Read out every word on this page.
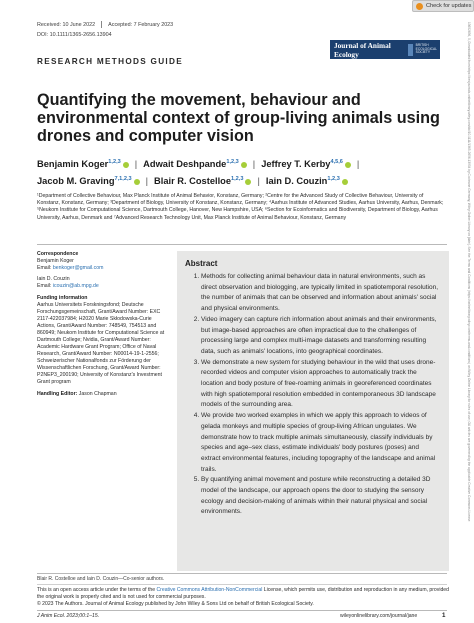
Check for updates
Received: 10 June 2022 Accepted: 7 February 2023
DOI: 10.1111/1365-2656.13904
Journal of Animal Ecology
BRITISH ECOLOGICAL SOCIETY
RESEARCH METHODS GUIDE
Quantifying the movement, behaviour and environmental context of group-living animals using drones and computer vision
Benjamin Koger$^{1,2,3}$ | Adwait Deshpande$^{1,2,3}$ | Jeffrey T. Kerby$^{4,5,6}$ |
Jacob M. Graving$^{7,1,2,3}$ | Blair R. Costelloe$^{1,2,3}$ | Iain D. Couzin$^{1,2,3}$

¹Department of Collective Behaviour, Max Planck Institute of Animal Behavior, Konstanz, Germany; ²Centre for the Advanced Study of Collective Behaviour, University of Konstanz, Konstanz, Germany; ³Department of Biology, University of Konstanz, Konstanz, Germany; ⁴Aarhus Institute of Advanced Studies, Aarhus University, Aarhus, Denmark; ⁵Neukom Institute for Computational Science, Dartmouth College, Hanover, New Hampshire, USA; ⁶Section for Ecoinformatics and Biodiversity, Department of Biology, Aarhus University, Aarhus, Denmark and ⁷Advanced Research Technology Unit, Max Planck Institute of Animal Behaviour, Konstanz, Germany

Correspondence
Benjamin Koger
Email: benkoger@gmail.com
Iain D. Couzin
Email: icouzin@ab.mpg.de
Funding information
Aarhus Universitets Forskningsfond; Deutsche Forschungsgemeinschaft, Grant/Award Number: EXC 2117-422037984; H2020 Marie Skłodowska-Curie Actions, Grant/Award Number: 748549, 754513 and 860949; Neukom Institute for Computational Science at Dartmouth College; Nvidia, Grant/Award Number: Academic Hardware Grant Program; Office of Naval Research, Grant/Award Number: N00014-19-1-2556; Schweizerischer Nationalfonds zur Förderung der Wissenschaftlichen Forschung, Grant/Award Number: P2NEP3_200190; University of Konstanz's Investment Grant program
Handling Editor: Jason Chapman
Abstract
1. Methods for collecting animal behaviour data in natural environments, such as direct observation and biologging, are typically limited in spatiotemporal resolution, the number of animals that can be observed and information about animals' social and physical environments.
2. Video imagery can capture rich information about animals and their environments, but image-based approaches are often impractical due to the challenges of processing large and complex multi-image datasets and transforming resulting data, such as animals' locations, into geographical coordinates.
3. We demonstrate a new system for studying behaviour in the wild that uses drone-recorded videos and computer vision approaches to automatically track the location and body posture of free-roaming animals in georeferenced coordinates with high spatiotemporal resolution embedded in contemporaneous 3D landscape models of the surrounding area.
4. We provide two worked examples in which we apply this approach to videos of gelada monkeys and multiple species of group-living African ungulates. We demonstrate how to track multiple animals simultaneously, classify individuals by species and age–sex class, estimate individuals' body postures (poses) and extract environmental features, including topography of the landscape and animal trails.
5. By quantifying animal movement and posture while reconstructing a detailed 3D model of the landscape, our approach opens the door to studying the sensory ecology and decision-making of animals within their natural physical and social environments.
Blair R. Costelloe and Iain D. Couzin—Co-senior authors.

This is an open access article under the terms of the Creative Commons Attribution-NonCommercial License, which permits use, distribution and reproduction in any medium, provided the original work is properly cited and is not used for commercial purposes.
© 2023 The Authors. Journal of Animal Ecology published by John Wiley & Sons Ltd on behalf of British Ecological Society.

J Anim Ecol. 2023;00:1–15.	wileyonlinelibrary.com/journal/jane	1
13652656, 0, Downloaded from https://besjournals.onlinelibrary.wiley.com/doi/10.1111/1365-2656.13904 by Cochrane Germany, Wiley Online Library on [date]. See the Terms and Conditions (https://onlinelibrary.wiley.com/terms-and-conditions) on Wiley Online Library for rules of use; OA articles are governed by the applicable Creative Commons License
